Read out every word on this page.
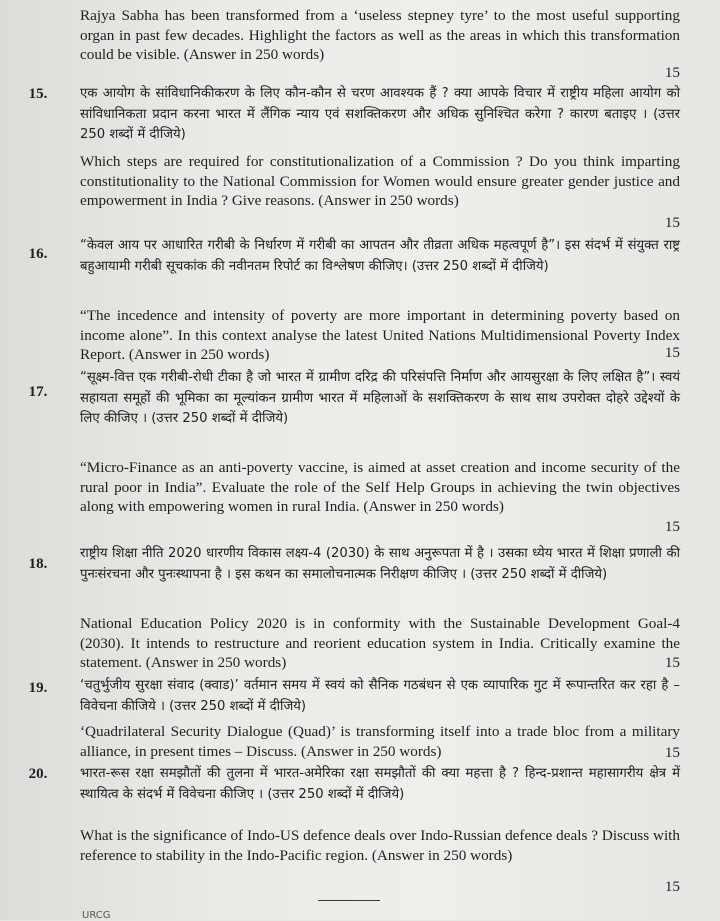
Rajya Sabha has been transformed from a ‘useless stepney tyre’ to the most useful supporting organ in past few decades. Highlight the factors as well as the areas in which this transformation could be visible. (Answer in 250 words)
15
15.	एक आयोग के सांविधानिकीकरण के लिए कौन-कौन से चरण आवश्यक हैं ? क्या आपके विचार में राष्ट्रीय महिला आयोग को सांविधानिकता प्रदान करना भारत में लैंगिक न्याय एवं सशक्तिकरण और अधिक सुनिश्चित करेगा ? कारण बताइए । (उत्तर 250 शब्दों में दीजिये)
Which steps are required for constitutionalization of a Commission ? Do you think imparting constitutionality to the National Commission for Women would ensure greater gender justice and empowerment in India ? Give reasons. (Answer in 250 words)
15
16.
“केवल आय पर आधारित गरीबी के निर्धारण में गरीबी का आपतन और तीव्रता अधिक महत्वपूर्ण है”। इस संदर्भ में संयुक्त राष्ट्र बहुआयामी गरीबी सूचकांक की नवीनतम रिपोर्ट का विश्लेषण कीजिए। (उत्तर 250 शब्दों में दीजिये)
“The incedence and intensity of poverty are more important in determining poverty based on income alone”. In this context analyse the latest United Nations Multidimensional Poverty Index Report. (Answer in 250 words)	15
17.
“सूक्ष्म-वित्त एक गरीबी-रोधी टीका है जो भारत में ग्रामीण दरिद्र की परिसंपत्ति निर्माण और आयसुरक्षा के लिए लक्षित है”। स्वयं सहायता समूहों की भूमिका का मूल्यांकन ग्रामीण भारत में महिलाओं के सशक्तिकरण के साथ साथ उपरोक्त दोहरे उद्देश्यों के लिए कीजिए । (उत्तर 250 शब्दों में दीजिये)
“Micro-Finance as an anti-poverty vaccine, is aimed at asset creation and income security of the rural poor in India”. Evaluate the role of the Self Help Groups in achieving the twin objectives along with empowering women in rural India. (Answer in 250 words)
15
18.
राष्ट्रीय शिक्षा नीति 2020 धारणीय विकास लक्ष्य-4 (2030) के साथ अनुरूपता में है । उसका ध्येय भारत में शिक्षा प्रणाली की पुनःसंरचना और पुनःस्थापना है । इस कथन का समालोचनात्मक निरीक्षण कीजिए । (उत्तर 250 शब्दों में दीजिये)
National Education Policy 2020 is in conformity with the Sustainable Development Goal-4 (2030). It intends to restructure and reorient education system in India. Critically examine the statement. (Answer in 250 words)	15
19.	‘चतुर्भुजीय सुरक्षा संवाद (क्वाड)’ वर्तमान समय में स्वयं को सैनिक गठबंधन से एक व्यापारिक गुट में रूपान्तरित कर रहा है – विवेचना कीजिये । (उत्तर 250 शब्दों में दीजिये)
‘Quadrilateral Security Dialogue (Quad)’ is transforming itself into a trade bloc from a military alliance, in present times – Discuss. (Answer in 250 words)	15
20.	भारत-रूस रक्षा समझौतों की तुलना में भारत-अमेरिका रक्षा समझौतों की क्या महत्ता है ? हिन्द-प्रशान्त महासागरीय क्षेत्र में स्थायित्व के संदर्भ में विवेचना कीजिए । (उत्तर 250 शब्दों में दीजिये)
What is the significance of Indo-US defence deals over Indo-Russian defence deals ? Discuss with reference to stability in the Indo-Pacific region. (Answer in 250 words)
15
URCG
